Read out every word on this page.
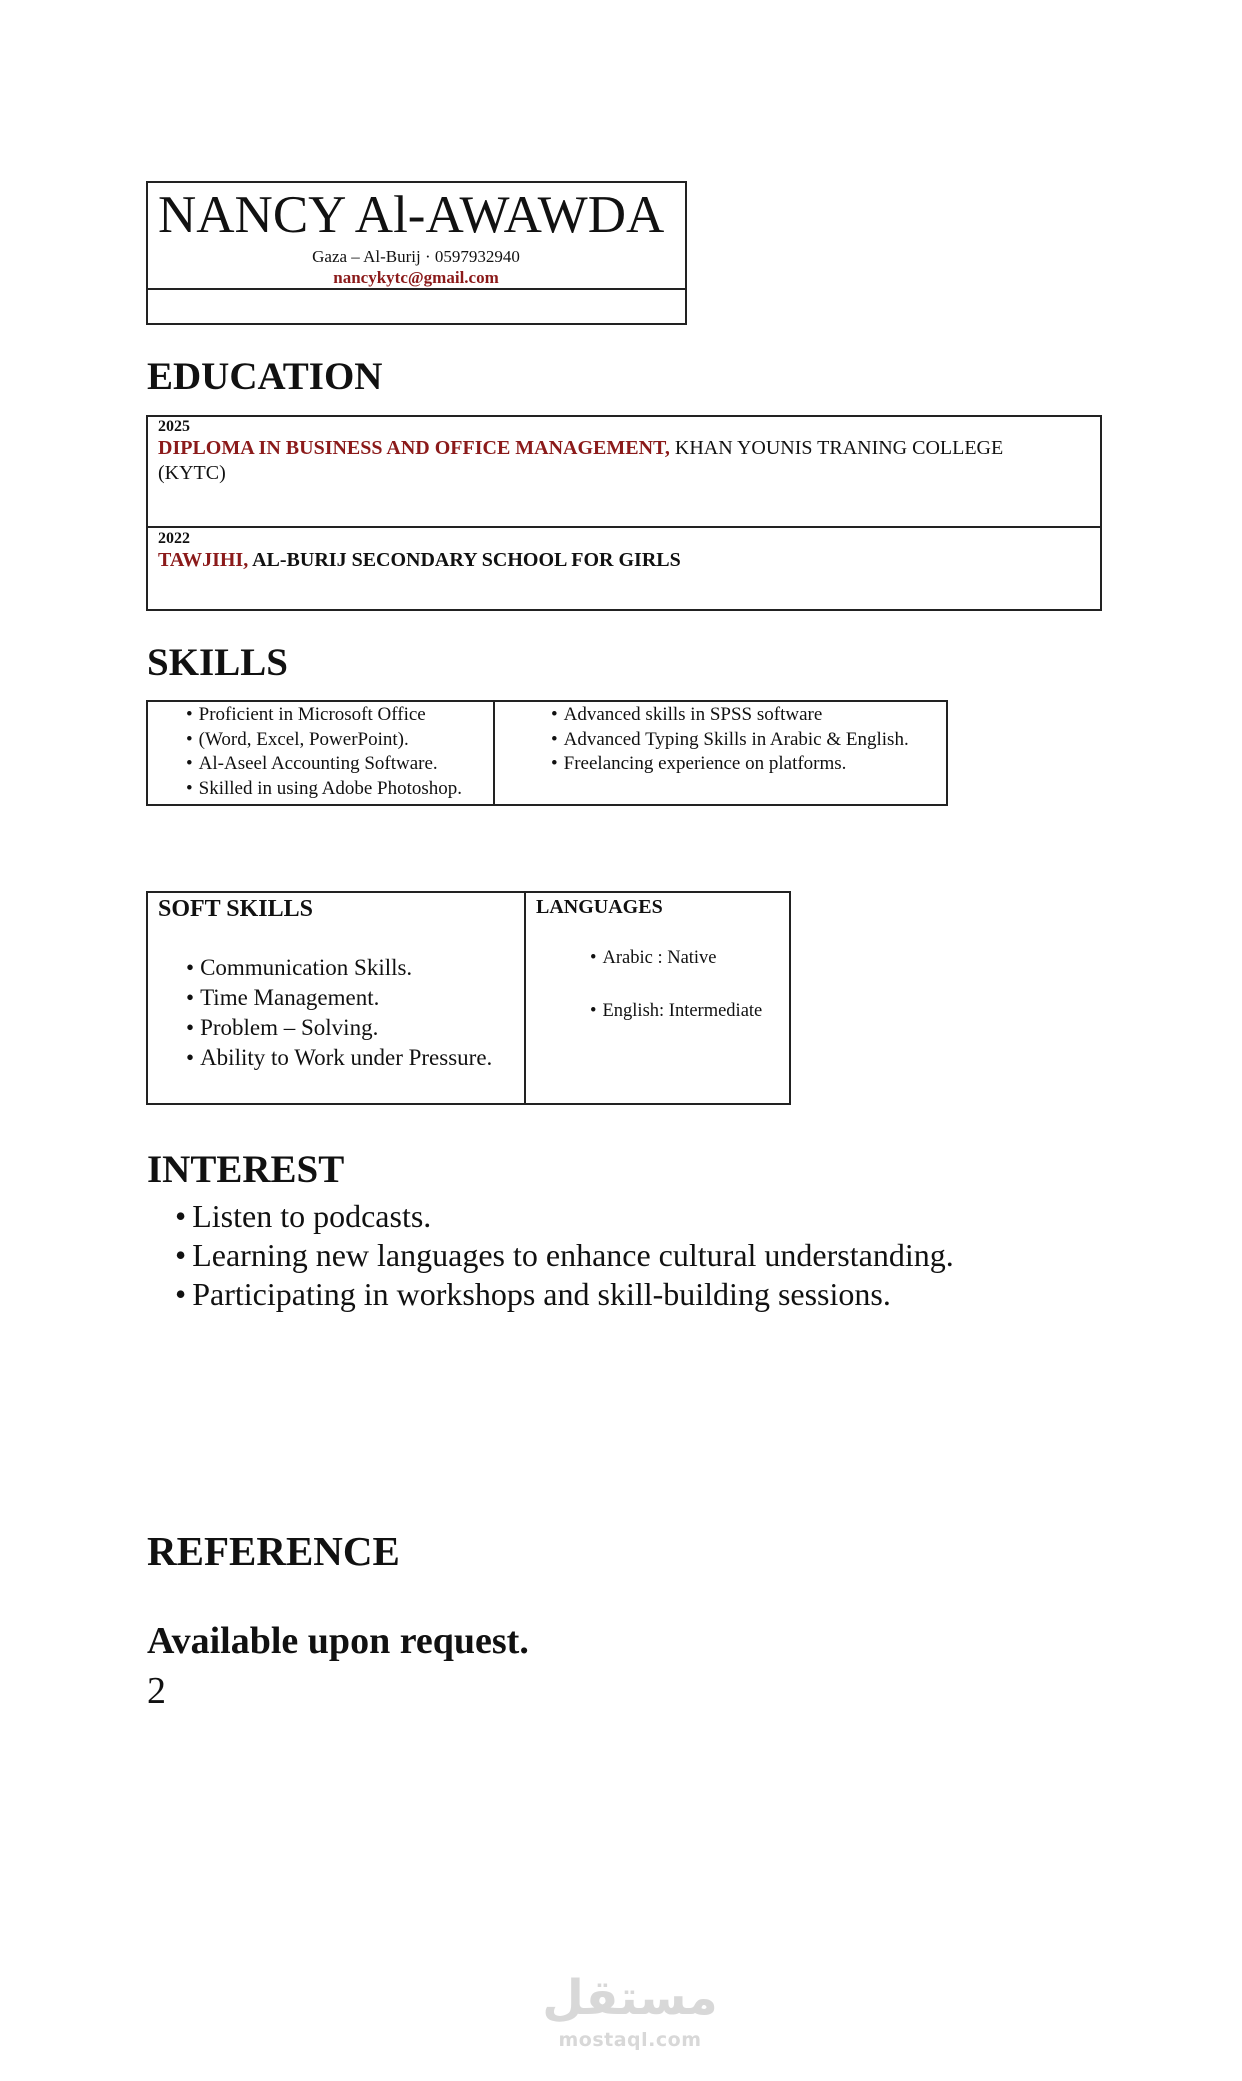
NANCY Al-AWAWDA
Gaza – Al-Burij · 0597932940
nancykytc@gmail.com
EDUCATION
2025
DIPLOMA IN BUSINESS AND OFFICE MANAGEMENT, KHAN YOUNIS TRANING COLLEGE
(KYTC)
2022
TAWJIHI, AL-BURIJ SECONDARY SCHOOL FOR GIRLS
SKILLS
• Proficient in Microsoft Office
• (Word, Excel, PowerPoint).
• Al-Aseel Accounting Software.
• Skilled in using Adobe Photoshop.
• Advanced skills in SPSS software
• Advanced Typing Skills in Arabic & English.
• Freelancing experience on platforms.
SOFT SKILLS
• Communication Skills.
• Time Management.
• Problem – Solving.
• Ability to Work under Pressure.
LANGUAGES
• Arabic : Native
• English: Intermediate
INTEREST
• Listen to podcasts.
• Learning new languages to enhance cultural understanding.
• Participating in workshops and skill-building sessions.
REFERENCE
Available upon request.
2
مستقل
mostaql.com
